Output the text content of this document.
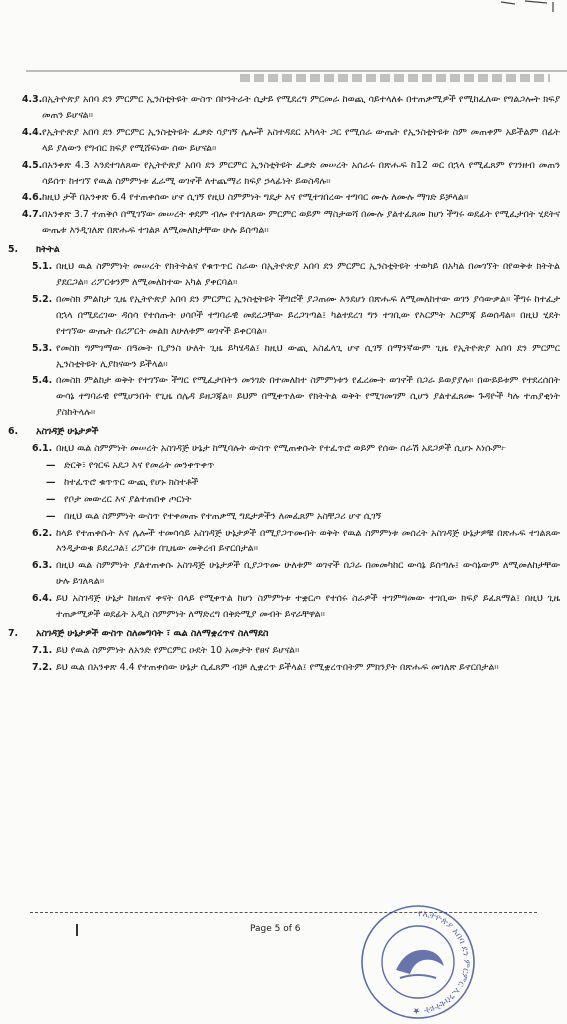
4.3. በኢትዮጵያ አበባ ደን ምርምር ኢንስቲትዩት ውስጥ በኮንትራት ሲታይ የሚደረግ ምርመራ ከወጪ ሳይተላለፉ በተጠቃሚዎች የሚከፈለው የግልጋሎት ክፍያ መጠን ይሆናል።
4.4. የኢትዮጵያ አበባ ደን ምርምር ኢንስቲትዩት ፈቃድ ሳያገኝ ሌሎች አስተዳደር አካላት ጋር የሚሰራ ውጤት የኢንስቲትዩቱ ስም መጠቀም አይችልም በፊት ላይ ያለውን የግብር ክፍያ የሚሸፍነው ሰው ይሆናል።
4.5. በአንቀጽ 4.3 እንደተገለጸው የኢትዮጵያ አበባ ደን ምርምር ኢንስቲትዩት ፈቃድ መሠረት አሰራሩ በጽሑፍ ከ12 ወር በኋላ የሚፈጸም የገንዘብ መጠን ሳይሰጥ ከተገኘ የዉል ስምምነቱ ፈራሚ ወገኖች ለተጨማሪ ክፍያ ኃላፊነት ይወስዳሉ።
4.6. ከዚህ ታች በአንቀጽ 6.4 የተጠቀሰው ሆኖ ሲገኝ የዚህ ስምምነት ግዴታ እና የሚተገበረው ተግባር ሙሉ ለሙሉ ማገድ ይቻላል።
4.7. በአንቀጽ 3.7 ተጠቅሶ በሚገኘው መሠረት ቀደም ብሎ የተገለጸው ምርምር ወይም ማስታወሻ በሙሉ ያልተፈጸመ ከሆነ ችግሩ ወደፊት የሚፈታበት ሂደትና ውጤቱ እንዲገለጽ በጽሑፍ ተገልጾ ለሚመለከታቸው ሁሉ ይሰጣል።
5. ክትትል
5.1. በዚህ ዉል ስምምነት መሠረት የክትትልና የቁጥጥር ስራው በኢትዮጵያ አበባ ደን ምርምር ኢንስቲትዩት ተወካይ በአካል በመገኘት በየወቅቱ ክትትል ያደርጋል። ሪፖርቱንም ለሚመለከተው አካል ያቀርባል።
5.2. በመስክ ምልከታ ጊዜ የኢትዮጵያ አበባ ደን ምርምር ኢንስቲትዩት ችግሮች ያጋጠሙ እንደሆነ በጽሑፍ ለሚመለከተው ወገን ያሳውቃል። ችግሩ ከተፈታ በኋላ በሚደረገው ዳሰሳ የተሰጡት ሀሳቦች ተግባራዊ መደረጋቸው ይረጋገጣል፤ ካልተደረገ ግን ተገቢው የእርምት እርምጃ ይወሰዳል። በዚህ ሂደት የተገኘው ውጤት በሪፖርት መልክ ለሁለቱም ወገኖች ይቀርባል።
5.3. የመስክ ግምገማው በዓመት ቢያንስ ሁለት ጊዜ ይካሄዳል፤ ከዚህ ውጪ አስፈላጊ ሆኖ ሲገኝ በማንኛውም ጊዜ የኢትዮጵያ አበባ ደን ምርምር ኢንስቲትዩት ሊያከናውን ይችላል።
5.4. በመስክ ምልከታ ወቅት የተገኘው ችግር የሚፈታበትን መንገድ በተመለከተ ስምምነቱን የፈረሙት ወገኖች በጋራ ይወያያሉ። በውይይቱም የተደረሰበት ውሳኔ ተግባራዊ የሚሆንበት የጊዜ ሰሌዳ ይዘጋጃል። ይህም በሚቀጥለው የክትትል ወቅት የሚገመገም ሲሆን ያልተፈጸሙ ጉዳዮች ካሉ ተጠያቂነት ያስከትላሉ።
6. አስገዳጅ ሁኔታዎች
6.1. በዚህ ዉል ስምምነት መሠረት አስገዳጅ ሁኔታ ከሚባሉት ውስጥ የሚጠቀሱት የተፈጥሮ ወይም የሰው ሰራሽ አደጋዎች ሲሆኑ እነሱም፦
— ድርቅ፣ የጎርፍ አደጋ እና የመሬት መንቀጥቀጥ
— ከተፈጥሮ ቁጥጥር ውጪ የሆኑ ክስተቶች
— የቦታ መውረር እና ያልተጠበቀ ጦርነት
— በዚህ ዉል ስምምነት ውስጥ የተቀመጡ የተጠቃሚ ግዴታዎችን ለመፈጸም አስቸጋሪ ሆኖ ሲገኝ
6.2. ከላይ የተጠቀሱት እና ሌሎች ተመሳሳይ አስገዳጅ ሁኔታዎች በሚያጋጥሙበት ወቅት የዉል ስምምነቱ መሰረት አስገዳጅ ሁኔታዎቹ በጽሑፍ ተገልጸው እንዲታወቁ ይደረጋል፤ ሪፖርቱ በጊዜው መቅረብ ይኖርበታል።
6.3. በዚህ ዉል ስምምነት ያልተጠቀሱ አስገዳጅ ሁኔታዎች ቢያጋጥሙ ሁለቱም ወገኖች በጋራ በመመካከር ውሳኔ ይሰጣሉ፤ ውሳኔውም ለሚመለከታቸው ሁሉ ይገለጻል።
6.4. ይህ አስገዳጅ ሁኔታ ከዘጠና ቀናት በላይ የሚቀጥል ከሆነ ስምምነቱ ተቋርጦ የተሰሩ ስራዎች ተገምግመው ተገቢው ክፍያ ይፈጸማል፤ በዚህ ጊዜ ተጠቃሚዎች ወደፊት አዲስ ስምምነት ለማድረግ በቅድሚያ መብት ይኖራቸዋል።
7. አስገዳጅ ሁኔታዎች ውስጥ ስለመግባት ፣ ዉል ስለማቋረጥና ስለማደስ
7.1. ይህ የዉል ስምምነት ለአንድ የምርምር ዑደት 10 አመታት የፀና ይሆናል።
7.2. ይህ ዉል በአንቀጽ 4.4 የተጠቀሰው ሁኔታ ሲፈጸም ብቻ ሊቋረጥ ይችላል፤ የሚቋረጥበትም ምክንያት በጽሑፍ መገለጽ ይኖርበታል።
Page 5 of 6
የኢትዮጵያ አበባ ደን ምርምር ኢንስቲትዩት ★
